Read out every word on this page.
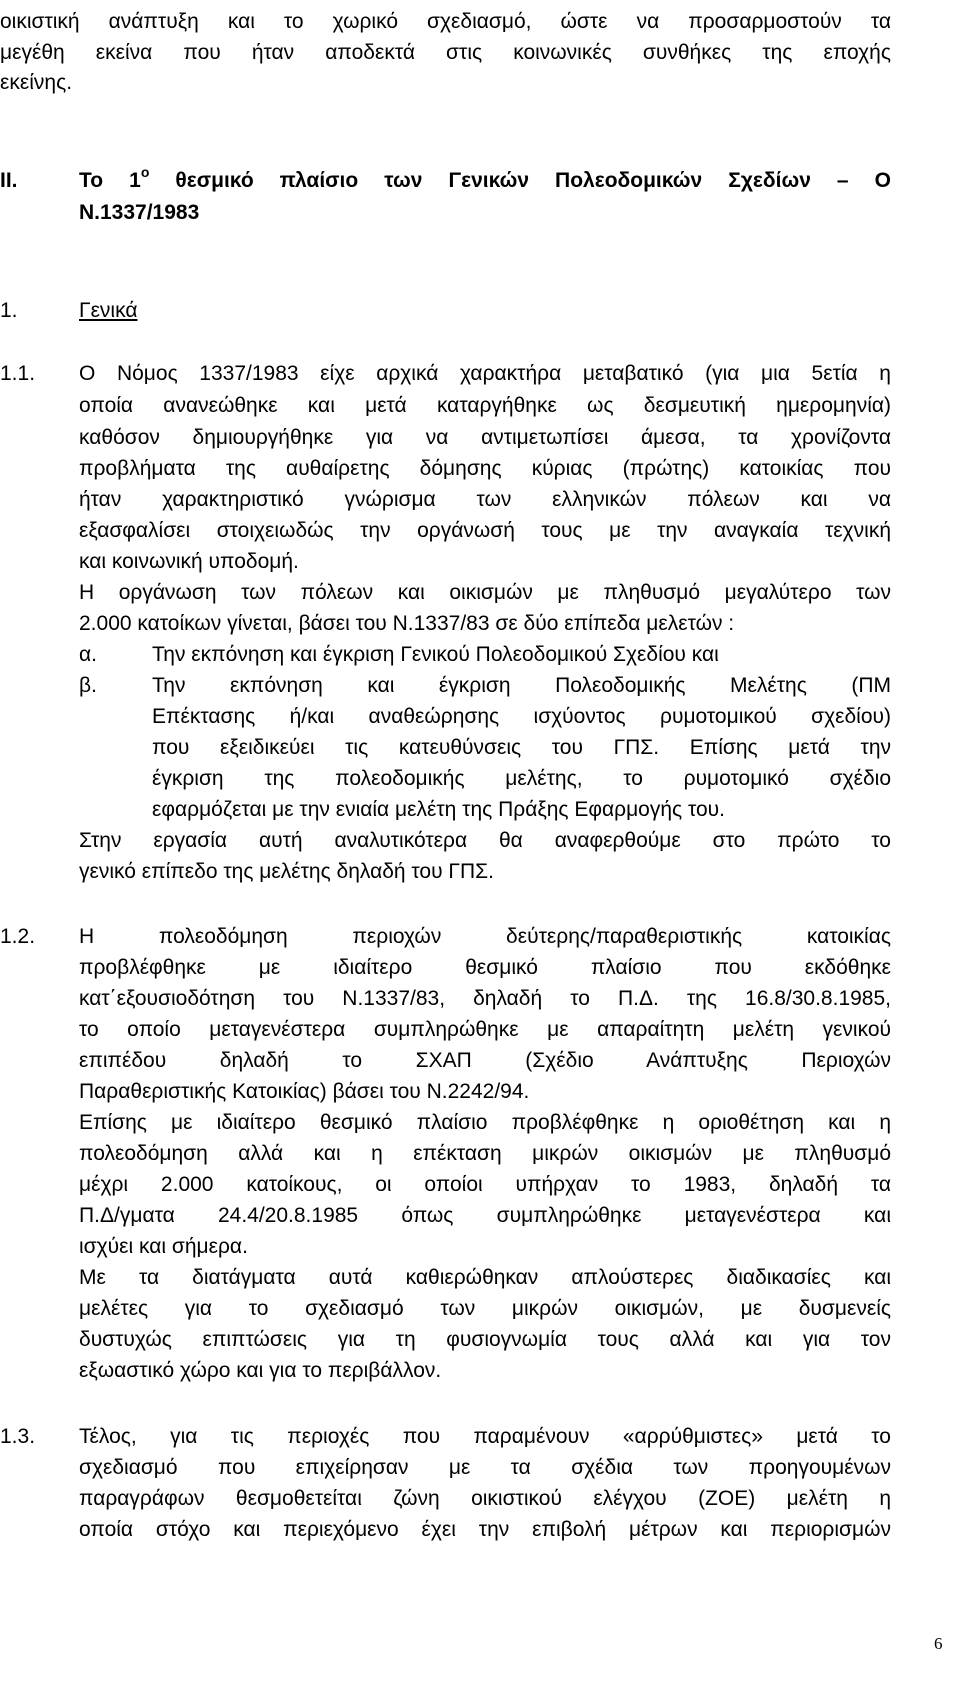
οικιστική ανάπτυξη και το χωρικό σχεδιασμό, ώστε να προσαρμοστούν τα
μεγέθη εκείνα που ήταν αποδεκτά στις κοινωνικές συνθήκες της εποχής
εκείνης.
II.	Το $1^o$ θεσμικό πλαίσιο των Γενικών Πολεοδομικών Σχεδίων – Ο
Ν.1337/1983
1.	Γενικά
1.1. Ο Νόμος 1337/1983 είχε αρχικά χαρακτήρα μεταβατικό (για μια 5ετία η
οποία ανανεώθηκε και μετά καταργήθηκε ως δεσμευτική ημερομηνία)
καθόσον δημιουργήθηκε για να αντιμετωπίσει άμεσα, τα χρονίζοντα
προβλήματα της αυθαίρετης δόμησης κύριας (πρώτης) κατοικίας που
ήταν χαρακτηριστικό γνώρισμα των ελληνικών πόλεων και να
εξασφαλίσει στοιχειωδώς την οργάνωσή τους με την αναγκαία τεχνική
και κοινωνική υποδομή.
Η οργάνωση των πόλεων και οικισμών με πληθυσμό μεγαλύτερο των
2.000 κατοίκων γίνεται, βάσει του Ν.1337/83 σε δύο επίπεδα μελετών :
α.	Την εκπόνηση και έγκριση Γενικού Πολεοδομικού Σχεδίου και
β.	Την εκπόνηση και έγκριση Πολεοδομικής Μελέτης (ΠΜ
Επέκτασης ή/και αναθεώρησης ισχύοντος ρυμοτομικού σχεδίου)
που εξειδικεύει τις κατευθύνσεις του ΓΠΣ. Επίσης μετά την
έγκριση της πολεοδομικής μελέτης, το ρυμοτομικό σχέδιο
εφαρμόζεται με την ενιαία μελέτη της Πράξης Εφαρμογής του.
Στην εργασία αυτή αναλυτικότερα θα αναφερθούμε στο πρώτο το
γενικό επίπεδο της μελέτης δηλαδή του ΓΠΣ.
1.2. Η πολεοδόμηση περιοχών δεύτερης/παραθεριστικής κατοικίας
προβλέφθηκε με ιδιαίτερο θεσμικό πλαίσιο που εκδόθηκε
κατ΄εξουσιοδότηση του Ν.1337/83, δηλαδή το Π.Δ. της 16.8/30.8.1985,
το οποίο μεταγενέστερα συμπληρώθηκε με απαραίτητη μελέτη γενικού
επιπέδου δηλαδή το ΣΧΑΠ (Σχέδιο Ανάπτυξης Περιοχών
Παραθεριστικής Κατοικίας) βάσει του Ν.2242/94.
Επίσης με ιδιαίτερο θεσμικό πλαίσιο προβλέφθηκε η οριοθέτηση και η
πολεοδόμηση αλλά και η επέκταση μικρών οικισμών με πληθυσμό
μέχρι 2.000 κατοίκους, οι οποίοι υπήρχαν το 1983, δηλαδή τα
Π.Δ/γματα 24.4/20.8.1985 όπως συμπληρώθηκε μεταγενέστερα και
ισχύει και σήμερα.
Με τα διατάγματα αυτά καθιερώθηκαν απλούστερες διαδικασίες και
μελέτες για το σχεδιασμό των μικρών οικισμών, με δυσμενείς
δυστυχώς επιπτώσεις για τη φυσιογνωμία τους αλλά και για τον
εξωαστικό χώρο και για το περιβάλλον.
1.3. Τέλος, για τις περιοχές που παραμένουν «αρρύθμιστες» μετά το
σχεδιασμό που επιχείρησαν με τα σχέδια των προηγουμένων
παραγράφων θεσμοθετείται ζώνη οικιστικού ελέγχου (ΖΟΕ) μελέτη η
οποία στόχο και περιεχόμενο έχει την επιβολή μέτρων και περιορισμών
6
